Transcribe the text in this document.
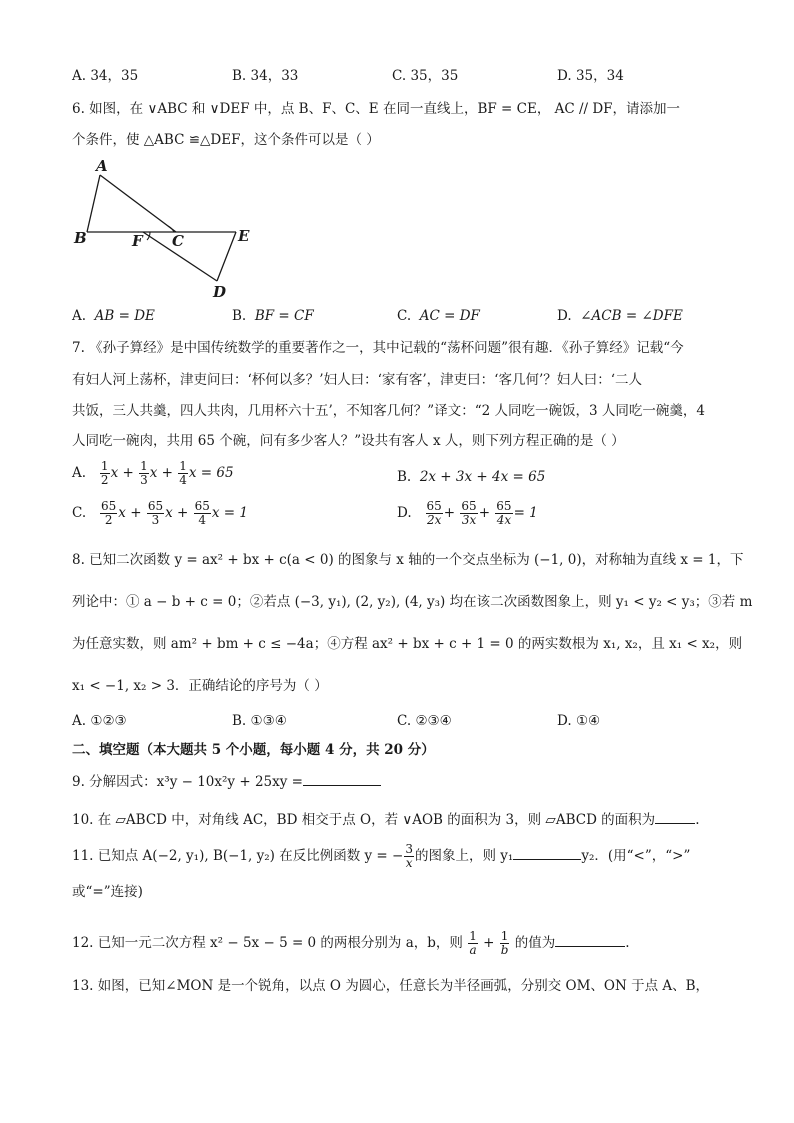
A. 34，35	B. 34，33	C. 35，35	D. 35，34
6. 如图，在 ∨ABC 和 ∨DEF 中，点 B、F、C、E 在同一直线上，BF = CE， AC // DF，请添加一
个条件，使 △ABC ≌△DEF，这个条件可以是（ ）
A
B	F C	E
D
A. AB = DE	B. BF = CF	C. AC = DF	D. ∠ACB = ∠DFE
7. 《孙子算经》是中国传统数学的重要著作之一，其中记载的“荡杯问题”很有趣．《孙子算经》记载“今
有妇人河上荡杯，津吏问曰：‘杯何以多？’妇人曰：‘家有客’，津吏曰：‘客几何’？妇人曰：‘二人
共饭，三人共羹，四人共肉，几用杯六十五’，不知客几何？”译文：“2 人同吃一碗饭，3 人同吃一碗羹，4
人同吃一碗肉，共用 65 个碗，问有多少客人？”设共有客人 x 人，则下列方程正确的是（ ）
A. $\frac{1}{2}$ $x + \frac{1}{3}$ $x + \frac{1}{4}$ x = 65	B. 2x + 3x + 4x = 65
C. $\frac{65}{2}$ $x + \frac{65}{3}$ $x + \frac{65}{4}$ x = 1	D. $\frac{65}{2x} + \frac{65}{3x} + \frac{65}{4x} = 1$
8. 已知二次函数 y = ax² + bx + c(a < 0) 的图象与 x 轴的一个交点坐标为 (−1, 0)，对称轴为直线 x = 1，下
列论中：① a − b + c = 0；②若点 (−3, y₁), (2, y₂), (4, y₃) 均在该二次函数图象上，则 y₁ < y₂ < y₃；③若 m
为任意实数，则 am² + bm + c ≤ −4a；④方程 ax² + bx + c + 1 = 0 的两实数根为 x₁, x₂，且 x₁ < x₂，则
x₁ < −1, x₂ > 3．正确结论的序号为（ ）
A. ①②③	B. ①③④	C. ②③④	D. ①④
二、填空题（本大题共 5 个小题，每小题 4 分，共 20 分）
9. 分解因式：x³y − 10x²y + 25xy =
10. 在 ▱ABCD 中，对角线 AC，BD 相交于点 O，若 ∨AOB 的面积为 3，则 ▱ABCD 的面积为	.
11. 已知点 A(−2, y₁), B(−1, y₂) 在反比例函数 y = − $\frac{3}{x}$ 的图象上，则 y₁	y₂．(用“<”，“>”
或“=”连接)
12. 已知一元二次方程 x² − 5x − 5 = 0 的两根分别为 a，b，则 $\frac{1}{a} + \frac{1}{b}$ 的值为	.
13. 如图，已知∠MON 是一个锐角，以点 O 为圆心，任意长为半径画弧，分别交 OM、ON 于点 A、B，
